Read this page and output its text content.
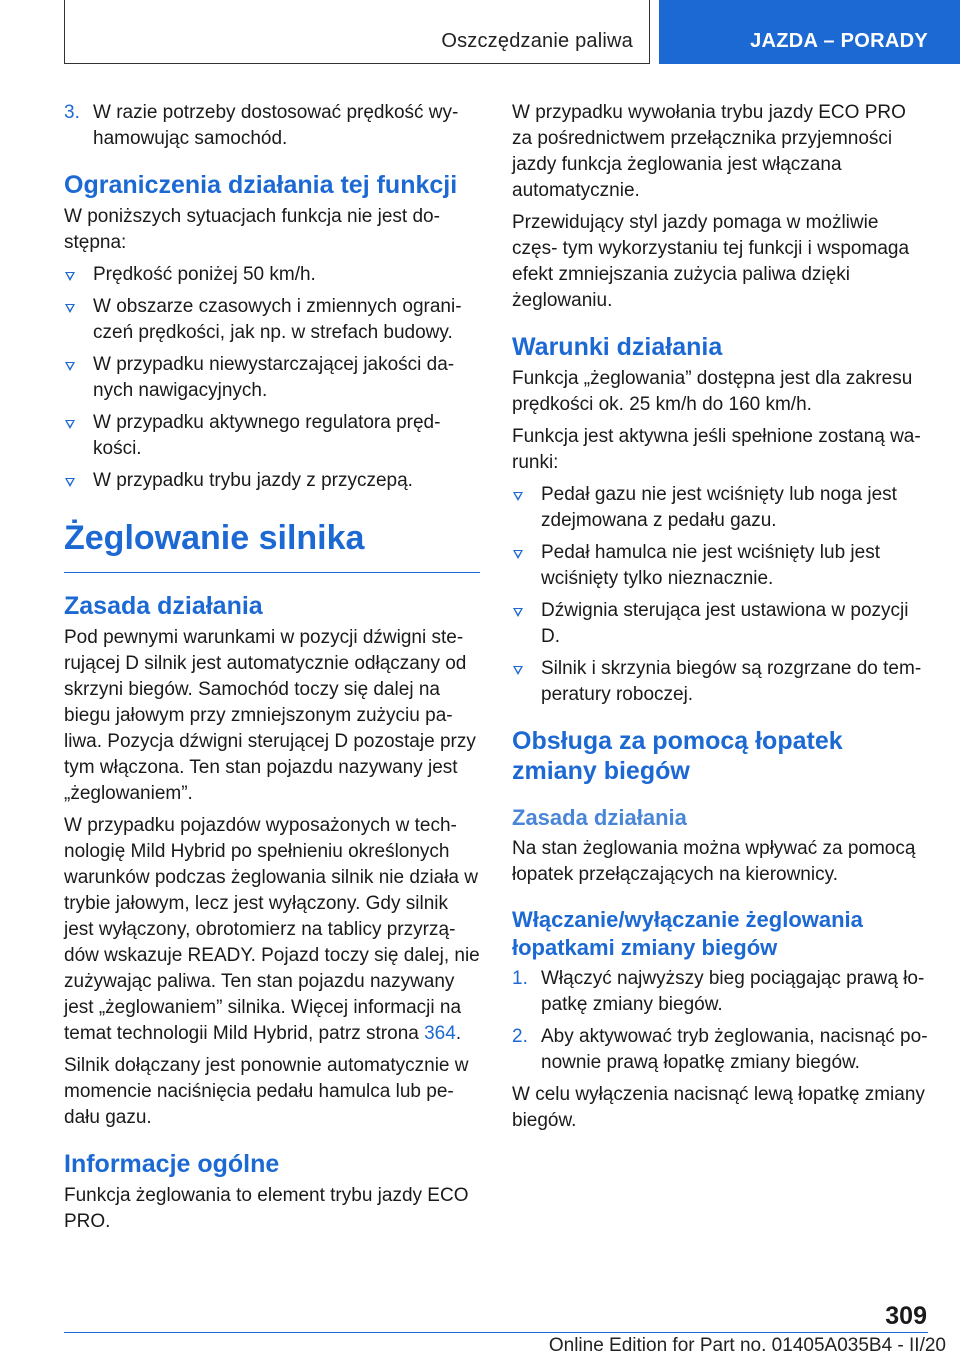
Oszczędzanie paliwa	JAZDA – PORADY
3. W razie potrzeby dostosować prędkość wy- hamowując samochód.
Ograniczenia działania tej funkcji

W poniższych sytuacjach funkcja nie jest do- stępna:

Prędkość poniżej 50 km/h.
W obszarze czasowych i zmiennych ograni- czeń prędkości, jak np. w strefach budowy.
W przypadku niewystarczającej jakości da- nych nawigacyjnych.
W przypadku aktywnego regulatora pręd- kości.
W przypadku trybu jazdy z przyczepą.
Żeglowanie silnika
Zasada działania

Pod pewnymi warunkami w pozycji dźwigni ste- rującej D silnik jest automatycznie odłączany od skrzyni biegów. Samochód toczy się dalej na biegu jałowym przy zmniejszonym zużyciu pa- liwa. Pozycja dźwigni sterującej D pozostaje przy tym włączona. Ten stan pojazdu nazywany jest „żeglowaniem”.

W przypadku pojazdów wyposażonych w tech- nologię Mild Hybrid po spełnieniu określonych warunków podczas żeglowania silnik nie działa w trybie jałowym, lecz jest wyłączony. Gdy silnik jest wyłączony, obrotomierz na tablicy przyrzą- dów wskazuje READY. Pojazd toczy się dalej, nie zużywając paliwa. Ten stan pojazdu nazywany jest „żeglowaniem” silnika. Więcej informacji na temat technologii Mild Hybrid, patrz strona 364.

Silnik dołączany jest ponownie automatycznie w momencie naciśnięcia pedału hamulca lub pe- dału gazu.

Informacje ogólne

Funkcja żeglowania to element trybu jazdy ECO PRO.

W przypadku wywołania trybu jazdy ECO PRO za pośrednictwem przełącznika przyjemności jazdy funkcja żeglowania jest włączana automatycznie.

Przewidujący styl jazdy pomaga w możliwie częs- tym wykorzystaniu tej funkcji i wspomaga efekt zmniejszania zużycia paliwa dzięki żeglowaniu.

Warunki działania

Funkcja „żeglowania” dostępna jest dla zakresu prędkości ok. 25 km/h do 160 km/h.

Funkcja jest aktywna jeśli spełnione zostaną wa- runki:

Pedał gazu nie jest wciśnięty lub noga jest zdejmowana z pedału gazu.
Pedał hamulca nie jest wciśnięty lub jest wciśnięty tylko nieznacznie.
Dźwignia sterująca jest ustawiona w pozycji D.
Silnik i skrzynia biegów są rozgrzane do tem- peratury roboczej.
Obsługa za pomocą łopatek zmiany biegów
Zasada działania

Na stan żeglowania można wpływać za pomocą łopatek przełączających na kierownicy.

Włączanie/wyłączanie żeglowania łopatkami zmiany biegów
1. Włączyć najwyższy bieg pociągając prawą ło- patkę zmiany biegów.
2. Aby aktywować tryb żeglowania, nacisnąć po- nownie prawą łopatkę zmiany biegów.

W celu wyłączenia nacisnąć lewą łopatkę zmiany biegów.

309
Online Edition for Part no. 01405A035B4 - II/20
